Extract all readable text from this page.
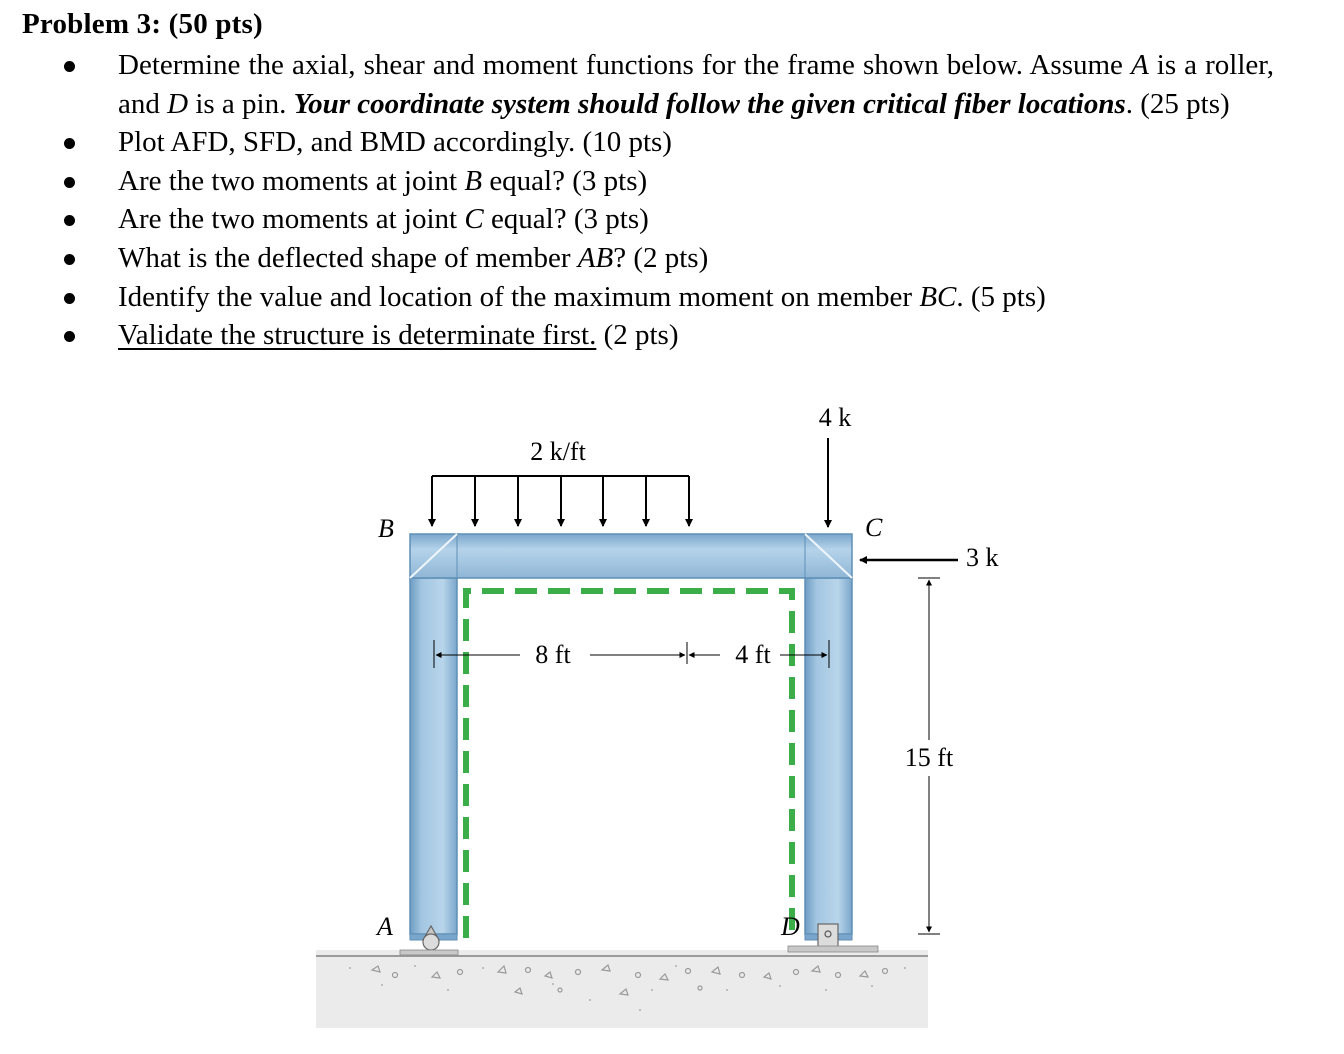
Problem 3: (50 pts)
Determine the axial, shear and moment functions for the frame shown below. Assume A is a roller, and D is a pin. Your coordinate system should follow the given critical fiber locations. (25 pts)
Plot AFD, SFD, and BMD accordingly. (10 pts)
Are the two moments at joint B equal? (3 pts)
Are the two moments at joint C equal? (3 pts)
What is the deflected shape of member AB? (2 pts)
Identify the value and location of the maximum moment on member BC. (5 pts)
Validate the structure is determinate first. (2 pts)
2 k/ft
4 k
3 k
B	C
A	D
8 ft	4 ft
15 ft
